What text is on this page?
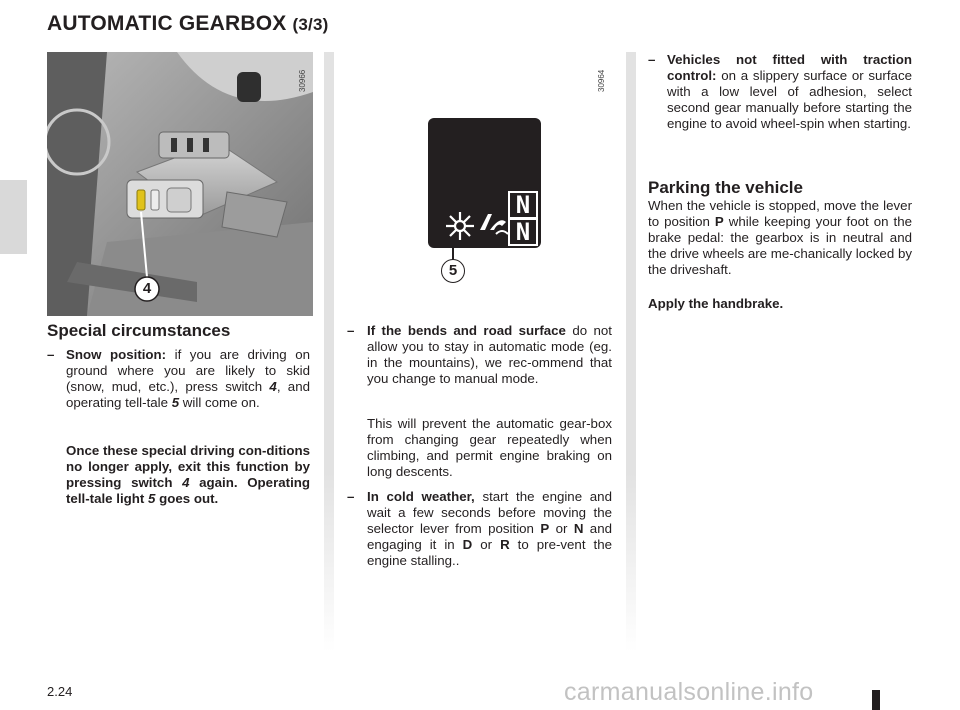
AUTOMATIC GEARBOX (3/3)
4
30966	30964
N
N
5
Special circumstances
– Snow position: if you are driving on ground where you are likely to skid (snow, mud, etc.), press switch 4, and operating tell-tale 5 will come on.
Once these special driving con-ditions no longer apply, exit this function by pressing switch 4 again. Operating tell-tale light 5 goes out.
– If the bends and road surface do not allow you to stay in automatic mode (eg. in the mountains), we rec-ommend that you change to manual mode.
This will prevent the automatic gear-box from changing gear repeatedly when climbing, and permit engine braking on long descents.
– In cold weather, start the engine and wait a few seconds before moving the selector lever from position P or N and engaging it in D or R to pre-vent the engine stalling..
– Vehicles not fitted with traction control: on a slippery surface or surface with a low level of adhesion, select second gear manually before starting the engine to avoid wheel-spin when starting.
Parking the vehicle
When the vehicle is stopped, move the lever to position P while keeping your foot on the brake pedal: the gearbox is in neutral and the drive wheels are me-chanically locked by the driveshaft.
Apply the handbrake.
2.24	carmanualsonline.info
